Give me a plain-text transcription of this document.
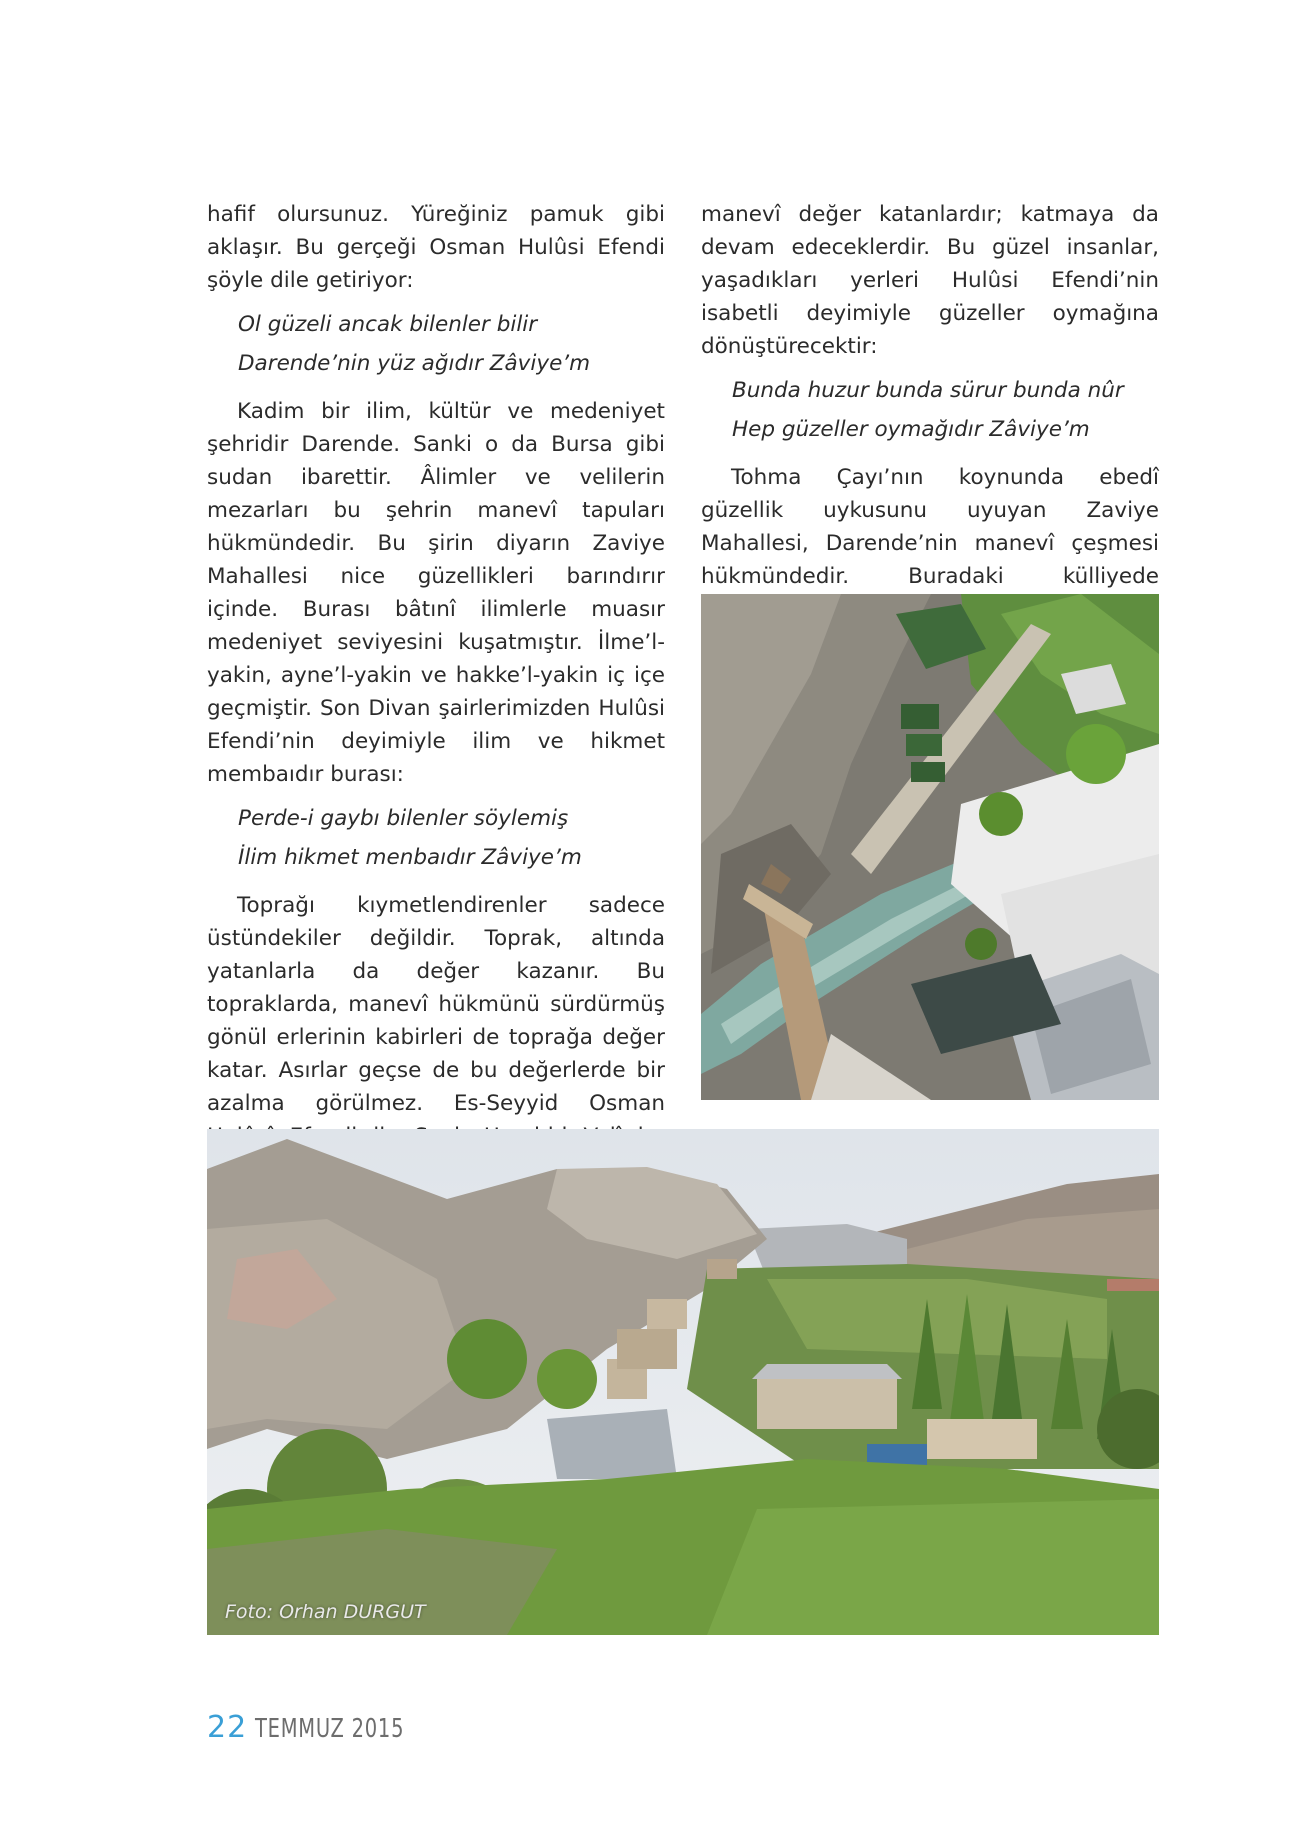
hafif olursunuz. Yüreğiniz pamuk gibi aklaşır. Bu gerçeği Osman Hulûsi Efendi şöyle dile getiriyor:

Ol güzeli ancak bilenler bilir
Darende’nin yüz ağıdır Zâviye’m

Kadim bir ilim, kültür ve medeniyet şehridir Darende. Sanki o da Bursa gibi sudan ibarettir. Âlimler ve velilerin mezarları bu şehrin manevî tapuları hükmündedir. Bu şirin diyarın Zaviye Mahallesi nice güzellikleri barındırır içinde. Burası bâtınî ilimlerle muasır medeniyet seviyesini kuşatmıştır. İlme’l-yakin, ayne’l-yakin ve hakke’l-yakin iç içe geçmiştir. Son Divan şairlerimizden Hulûsi Efendi’nin deyimiyle ilim ve hikmet membaıdır burası:

Perde-i gaybı bilenler söylemiş
İlim hikmet menbaıdır Zâviye’m

Toprağı kıymetlendirenler sadece üstündekiler değildir. Toprak, altında yatanlarla da değer kazanır. Bu topraklarda, manevî hükmünü sürdürmüş gönül erlerinin kabirleri de toprağa değer katar. Asırlar geçse de bu değerlerde bir azalma görülmez. Es-Seyyid Osman

manevî değer katanlardır; katmaya da devam edeceklerdir. Bu güzel insanlar, yaşadıkları yerleri Hulûsi Efendi’nin isabetli deyimiyle güzeller oymağına dönüştürecektir:

Bunda huzur bunda sürur bunda nûr
Hep güzeller oymağıdır Zâviye’m

Tohma Çayı’nın koynunda ebedî güzellik uykusunu uyuyan Zaviye Mahallesi, Darende’nin manevî çeşmesi hükmündedir. Buradaki külliyede

Foto: Orhan DURGUT
22 TEMMUZ 2015
